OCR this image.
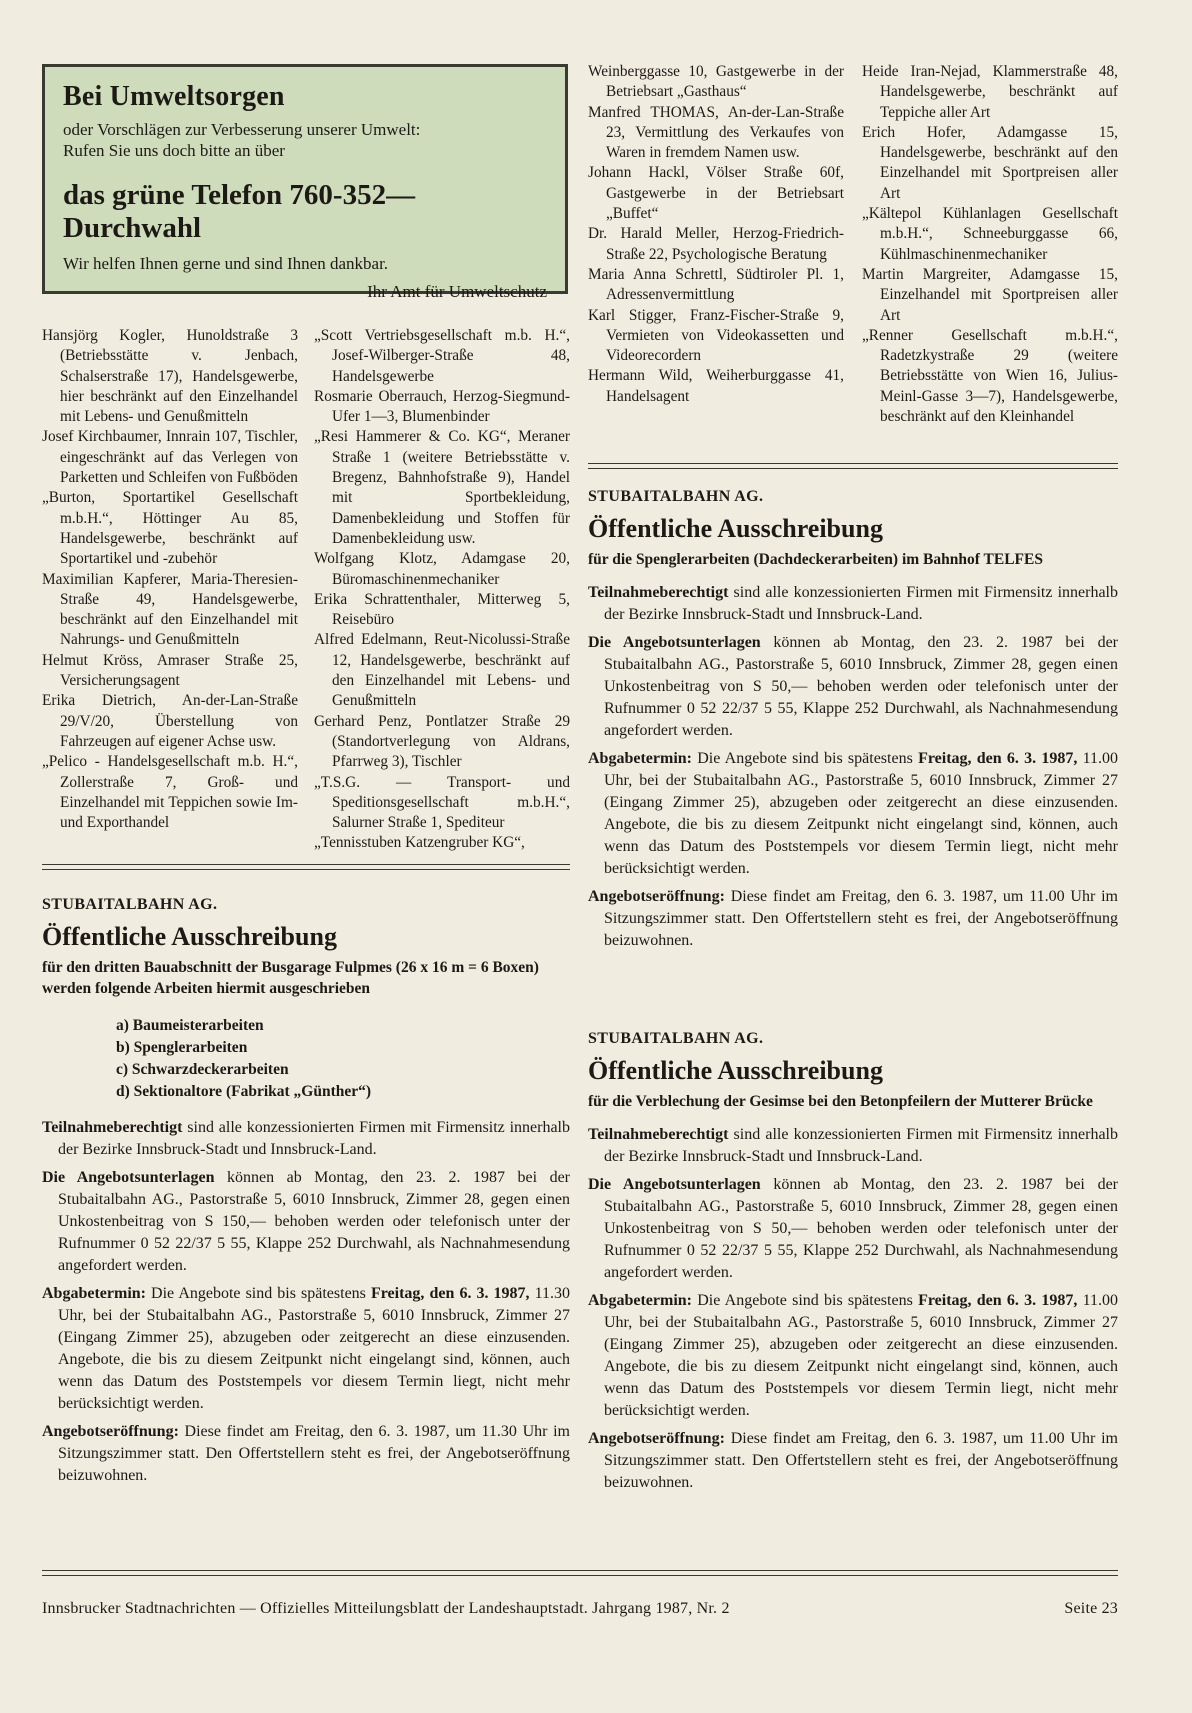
Bei Umweltsorgen
oder Vorschlägen zur Verbesserung unserer Umwelt:
Rufen Sie uns doch bitte an über
das grüne Telefon 760-352—Durchwahl
Wir helfen Ihnen gerne und sind Ihnen dankbar.
Ihr Amt für Umweltschutz
Hansjörg Kogler, Hunoldstraße 3 (Betriebsstätte v. Jenbach, Schalserstraße 17), Handelsgewerbe, hier beschränkt auf den Einzelhandel mit Lebens- und Genußmitteln
Josef Kirchbaumer, Innrain 107, Tischler, eingeschränkt auf das Verlegen von Parketten und Schleifen von Fußböden
„Burton, Sportartikel Gesellschaft m.b.H.“, Höttinger Au 85, Handelsgewerbe, beschränkt auf Sportartikel und -zubehör
Maximilian Kapferer, Maria-Theresien-Straße 49, Handelsgewerbe, beschränkt auf den Einzelhandel mit Nahrungs- und Genußmitteln
Helmut Kröss, Amraser Straße 25, Versicherungsagent
Erika Dietrich, An-der-Lan-Straße 29/V/20, Überstellung von Fahrzeugen auf eigener Achse usw.
„Pelico - Handelsgesellschaft m.b. H.“, Zollerstraße 7, Groß- und Einzelhandel mit Teppichen sowie Im- und Exporthandel
„Scott Vertriebsgesellschaft m.b. H.“, Josef-Wilberger-Straße 48, Handelsgewerbe
Rosmarie Oberrauch, Herzog-Siegmund-Ufer 1—3, Blumenbinder
„Resi Hammerer & Co. KG“, Meraner Straße 1 (weitere Betriebsstätte v. Bregenz, Bahnhofstraße 9), Handel mit Sportbekleidung, Damenbekleidung und Stoffen für Damenbekleidung usw.
Wolfgang Klotz, Adamgase 20, Büromaschinenmechaniker
Erika Schrattenthaler, Mitterweg 5, Reisebüro
Alfred Edelmann, Reut-Nicolussi-Straße 12, Handelsgewerbe, beschränkt auf den Einzelhandel mit Lebens- und Genußmitteln
Gerhard Penz, Pontlatzer Straße 29 (Standortverlegung von Aldrans, Pfarrweg 3), Tischler
„T.S.G. — Transport- und Speditionsgesellschaft m.b.H.“, Salurner Straße 1, Spediteur
„Tennisstuben Katzengruber KG“,
Weinberggasse 10, Gastgewerbe in der Betriebsart „Gasthaus“
Manfred THOMAS, An-der-Lan-Straße 23, Vermittlung des Verkaufes von Waren in fremdem Namen usw.
Johann Hackl, Völser Straße 60f, Gastgewerbe in der Betriebsart „Buffet“
Dr. Harald Meller, Herzog-Friedrich-Straße 22, Psychologische Beratung
Maria Anna Schrettl, Südtiroler Pl. 1, Adressenvermittlung
Karl Stigger, Franz-Fischer-Straße 9, Vermieten von Videokassetten und Videorecordern
Hermann Wild, Weiherburggasse 41, Handelsagent
Heide Iran-Nejad, Klammerstraße 48, Handelsgewerbe, beschränkt auf Teppiche aller Art
Erich Hofer, Adamgasse 15, Handelsgewerbe, beschränkt auf den Einzelhandel mit Sportpreisen aller Art
„Kältepol Kühlanlagen Gesellschaft m.b.H.“, Schneeburggasse 66, Kühlmaschinenmechaniker
Martin Margreiter, Adamgasse 15, Einzelhandel mit Sportpreisen aller Art
„Renner Gesellschaft m.b.H.“, Radetzkystraße 29 (weitere Betriebsstätte von Wien 16, Julius-Meinl-Gasse 3—7), Handelsgewerbe, beschränkt auf den Kleinhandel
STUBAITALBAHN AG.
Öffentliche Ausschreibung
für den dritten Bauabschnitt der Busgarage Fulpmes (26 x 16 m = 6 Boxen) werden folgende Arbeiten hiermit ausgeschrieben
a) Baumeisterarbeiten
b) Spenglerarbeiten
c) Schwarzdeckerarbeiten
d) Sektionaltore (Fabrikat „Günther“)
Teilnahmeberechtigt sind alle konzessionierten Firmen mit Firmensitz innerhalb der Bezirke Innsbruck-Stadt und Innsbruck-Land.
Die Angebotsunterlagen können ab Montag, den 23. 2. 1987 bei der Stubaitalbahn AG., Pastorstraße 5, 6010 Innsbruck, Zimmer 28, gegen einen Unkostenbeitrag von S 150,— behoben werden oder telefonisch unter der Rufnummer 0 52 22/37 5 55, Klappe 252 Durchwahl, als Nachnahmesendung angefordert werden.
Abgabetermin: Die Angebote sind bis spätestens Freitag, den 6. 3. 1987, 11.30 Uhr, bei der Stubaitalbahn AG., Pastorstraße 5, 6010 Innsbruck, Zimmer 27 (Eingang Zimmer 25), abzugeben oder zeitgerecht an diese einzusenden. Angebote, die bis zu diesem Zeitpunkt nicht eingelangt sind, können, auch wenn das Datum des Poststempels vor diesem Termin liegt, nicht mehr berücksichtigt werden.
Angebotseröffnung: Diese findet am Freitag, den 6. 3. 1987, um 11.30 Uhr im Sitzungszimmer statt. Den Offertstellern steht es frei, der Angebotseröffnung beizuwohnen.
STUBAITALBAHN AG.
Öffentliche Ausschreibung
für die Spenglerarbeiten (Dachdeckerarbeiten) im Bahnhof TELFES
Teilnahmeberechtigt sind alle konzessionierten Firmen mit Firmensitz innerhalb der Bezirke Innsbruck-Stadt und Innsbruck-Land.
Die Angebotsunterlagen können ab Montag, den 23. 2. 1987 bei der Stubaitalbahn AG., Pastorstraße 5, 6010 Innsbruck, Zimmer 28, gegen einen Unkostenbeitrag von S 50,— behoben werden oder telefonisch unter der Rufnummer 0 52 22/37 5 55, Klappe 252 Durchwahl, als Nachnahmesendung angefordert werden.
Abgabetermin: Die Angebote sind bis spätestens Freitag, den 6. 3. 1987, 11.00 Uhr, bei der Stubaitalbahn AG., Pastorstraße 5, 6010 Innsbruck, Zimmer 27 (Eingang Zimmer 25), abzugeben oder zeitgerecht an diese einzusenden. Angebote, die bis zu diesem Zeitpunkt nicht eingelangt sind, können, auch wenn das Datum des Poststempels vor diesem Termin liegt, nicht mehr berücksichtigt werden.
Angebotseröffnung: Diese findet am Freitag, den 6. 3. 1987, um 11.00 Uhr im Sitzungszimmer statt. Den Offertstellern steht es frei, der Angebotseröffnung beizuwohnen.
STUBAITALBAHN AG.
Öffentliche Ausschreibung
für die Verblechung der Gesimse bei den Betonpfeilern der Mutterer Brücke
Teilnahmeberechtigt sind alle konzessionierten Firmen mit Firmensitz innerhalb der Bezirke Innsbruck-Stadt und Innsbruck-Land.
Die Angebotsunterlagen können ab Montag, den 23. 2. 1987 bei der Stubaitalbahn AG., Pastorstraße 5, 6010 Innsbruck, Zimmer 28, gegen einen Unkostenbeitrag von S 50,— behoben werden oder telefonisch unter der Rufnummer 0 52 22/37 5 55, Klappe 252 Durchwahl, als Nachnahmesendung angefordert werden.
Abgabetermin: Die Angebote sind bis spätestens Freitag, den 6. 3. 1987, 11.00 Uhr, bei der Stubaitalbahn AG., Pastorstraße 5, 6010 Innsbruck, Zimmer 27 (Eingang Zimmer 25), abzugeben oder zeitgerecht an diese einzusenden. Angebote, die bis zu diesem Zeitpunkt nicht eingelangt sind, können, auch wenn das Datum des Poststempels vor diesem Termin liegt, nicht mehr berücksichtigt werden.
Angebotseröffnung: Diese findet am Freitag, den 6. 3. 1987, um 11.00 Uhr im Sitzungszimmer statt. Den Offertstellern steht es frei, der Angebotseröffnung beizuwohnen.
Innsbrucker Stadtnachrichten — Offizielles Mitteilungsblatt der Landeshauptstadt. Jahrgang 1987, Nr. 2	Seite 23
